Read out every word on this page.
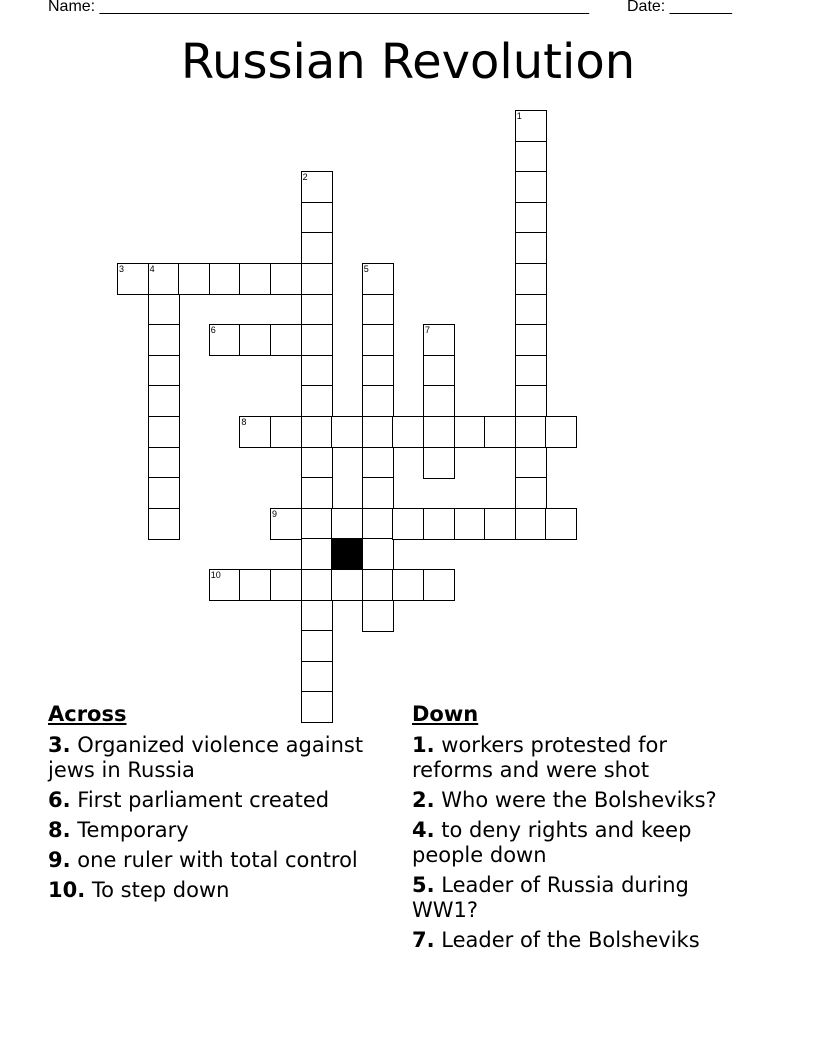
Name: _______________________________________________________ Date: _______
Russian Revolution
1
2
3	4	5
6	7
8
9
10
Across
3. Organized violence against jews in Russia
6. First parliament created
8. Temporary
9. one ruler with total control
10. To step down
Down
1. workers protested for reforms and were shot
2. Who were the Bolsheviks?
4. to deny rights and keep people down
5. Leader of Russia during WW1?
7. Leader of the Bolsheviks
